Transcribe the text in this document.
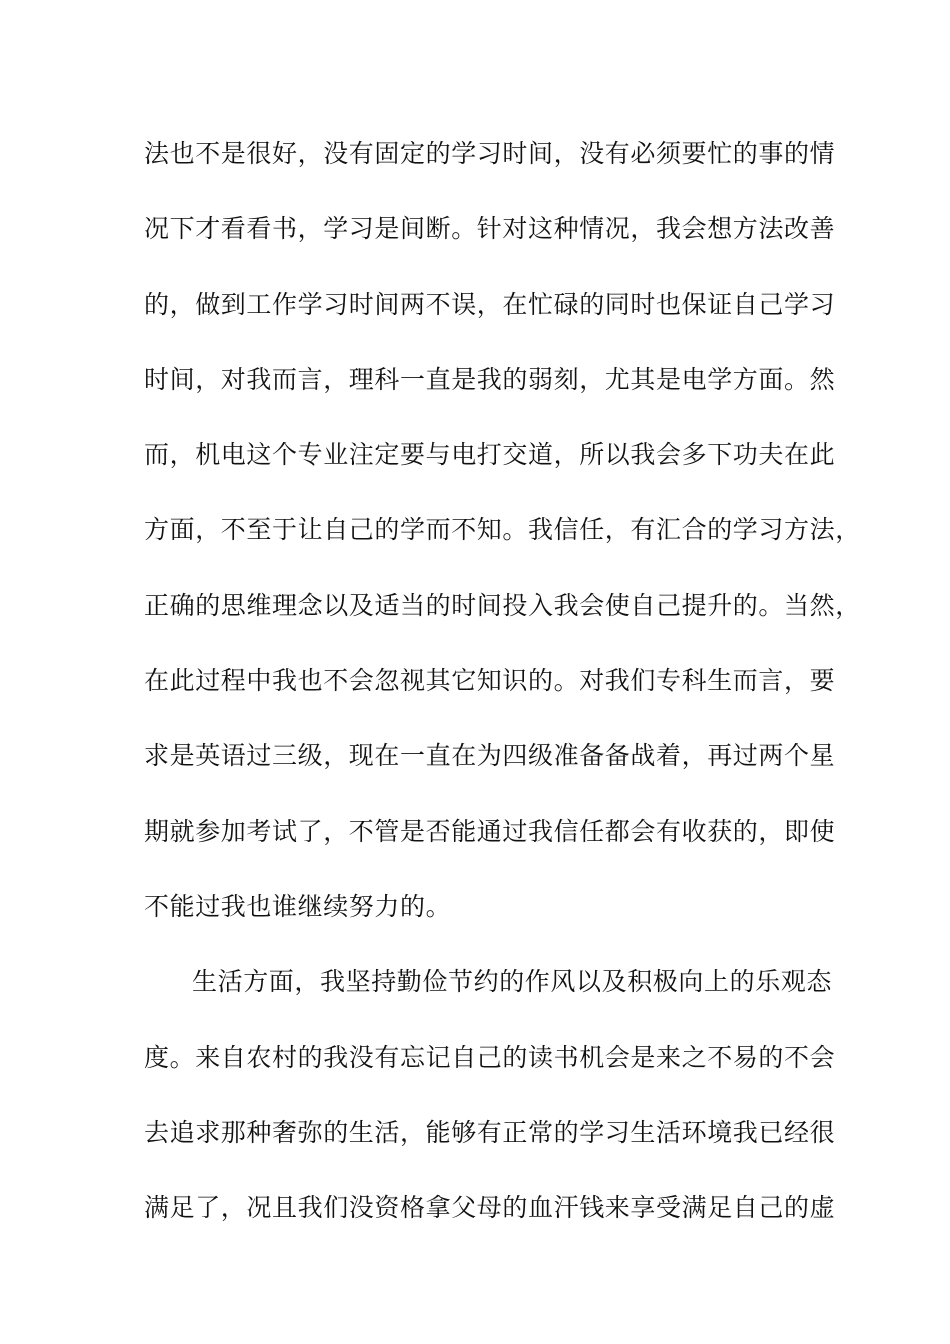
法也不是很好，没有固定的学习时间，没有必须要忙的事的情
况下才看看书，学习是间断。针对这种情况，我会想方法改善
的，做到工作学习时间两不误，在忙碌的同时也保证自己学习
时间，对我而言，理科一直是我的弱刻，尤其是电学方面。然
而，机电这个专业注定要与电打交道，所以我会多下功夫在此
方面，不至于让自己的学而不知。我信任，有汇合的学习方法，
正确的思维理念以及适当的时间投入我会使自己提升的。当然，
在此过程中我也不会忽视其它知识的。对我们专科生而言，要
求是英语过三级，现在一直在为四级准备备战着，再过两个星
期就参加考试了，不管是否能通过我信任都会有收获的，即使
不能过我也谁继续努力的。
生活方面，我坚持勤俭节约的作风以及积极向上的乐观态
度。来自农村的我没有忘记自己的读书机会是来之不易的不会
去追求那种奢弥的生活，能够有正常的学习生活环境我已经很
满足了，况且我们没资格拿父母的血汗钱来享受满足自己的虚
